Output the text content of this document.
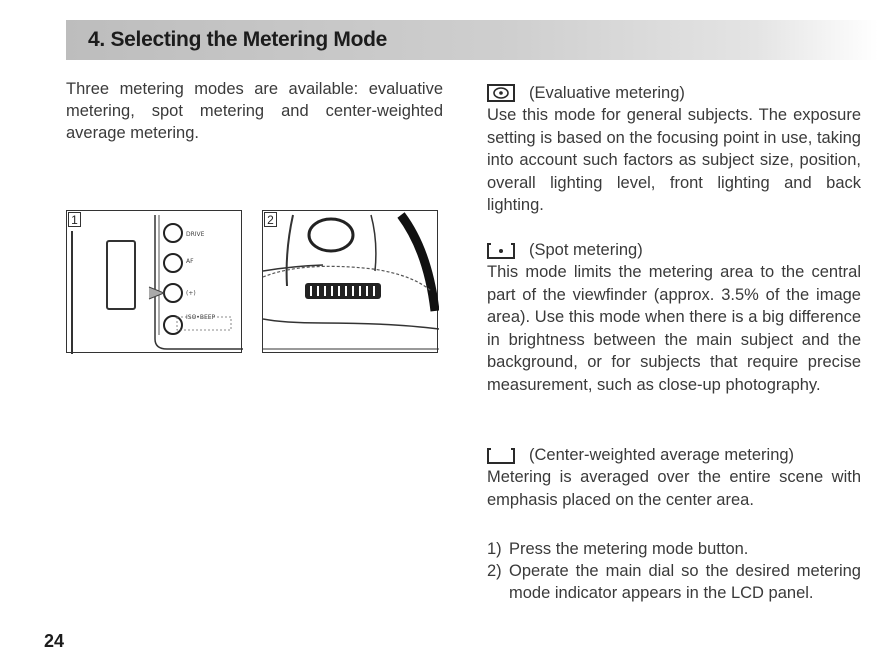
4. Selecting the Metering Mode

Three metering modes are available: evaluative metering, spot metering and center-weighted average metering.

DRIVE
AF
(+)
ISO•BEEP
1	2
(Evaluative metering)

Use this mode for general subjects. The exposure setting is based on the focusing point in use, taking into account such factors as subject size, position, overall lighting level, front lighting and back lighting.

(Spot metering)

This mode limits the metering area to the central part of the viewfinder (approx. 3.5% of the image area). Use this mode when there is a big difference in brightness between the main subject and the background, or for subjects that require precise measurement, such as close-up photography.

(Center-weighted average metering)

Metering is averaged over the entire scene with emphasis placed on the center area.

1) Press the metering mode button.
2) Operate the main dial so the desired metering mode indicator appears in the LCD panel.
24
